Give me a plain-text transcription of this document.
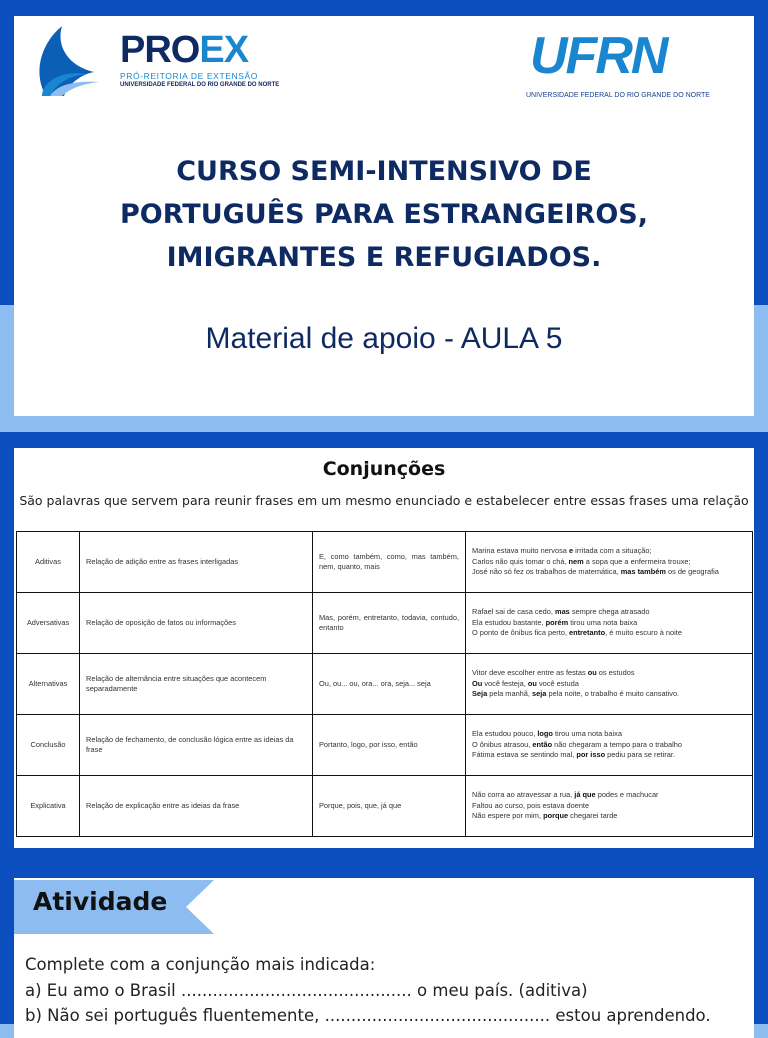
PROEX
PRÓ-REITORIA DE EXTENSÃO
UNIVERSIDADE FEDERAL DO RIO GRANDE DO NORTE	UFRN
UNIVERSIDADE FEDERAL DO RIO GRANDE DO NORTE
CURSO SEMI-INTENSIVO DE
PORTUGUÊS PARA ESTRANGEIROS,
IMIGRANTES E REFUGIADOS.
Material de apoio - AULA 5
Conjunções
São palavras que servem para reunir frases em um mesmo enunciado e estabelecer entre essas frases uma relação
Aditivas	Relação de adição entre as frases interligadas	E, como também, como, mas também, nem, quanto, mais	Marina estava muito nervosa e irritada com a situação;
Carlos não quis tomar o chá, nem a sopa que a enfermeira trouxe;
José não só fez os trabalhos de matemática, mas também os de geografia
Adversativas	Relação de oposição de fatos ou informações	Mas, porém, entretanto, todavia, contudo, entanto	Rafael sai de casa cedo, mas sempre chega atrasado
Ela estudou bastante, porém tirou uma nota baixa
O ponto de ônibus fica perto, entretanto, é muito escuro à noite
Alternativas	Relação de alternância entre situações que acontecem separadamente	Ou, ou... ou, ora... ora, seja... seja	Vitor deve escolher entre as festas ou os estudos
Ou você festeja, ou você estuda
Seja pela manhã, seja pela noite, o trabalho é muito cansativo.
Conclusão	Relação de fechamento, de conclusão lógica entre as ideias da frase	Portanto, logo, por isso, então	Ela estudou pouco, logo tirou uma nota baixa
O ônibus atrasou, então não chegaram a tempo para o trabalho
Fátima estava se sentindo mal, por isso pediu para se retirar.
Explicativa	Relação de explicação entre as ideias da frase	Porque, pois, que, já que	Não corra ao atravessar a rua, já que podes e machucar
Faltou ao curso, pois estava doente
Não espere por mim, porque chegarei tarde
Atividade
Complete com a conjunção mais indicada:
a) Eu amo o Brasil ............................................ o meu país. (aditiva)
b) Não sei português fluentemente, ........................................... estou aprendendo.
